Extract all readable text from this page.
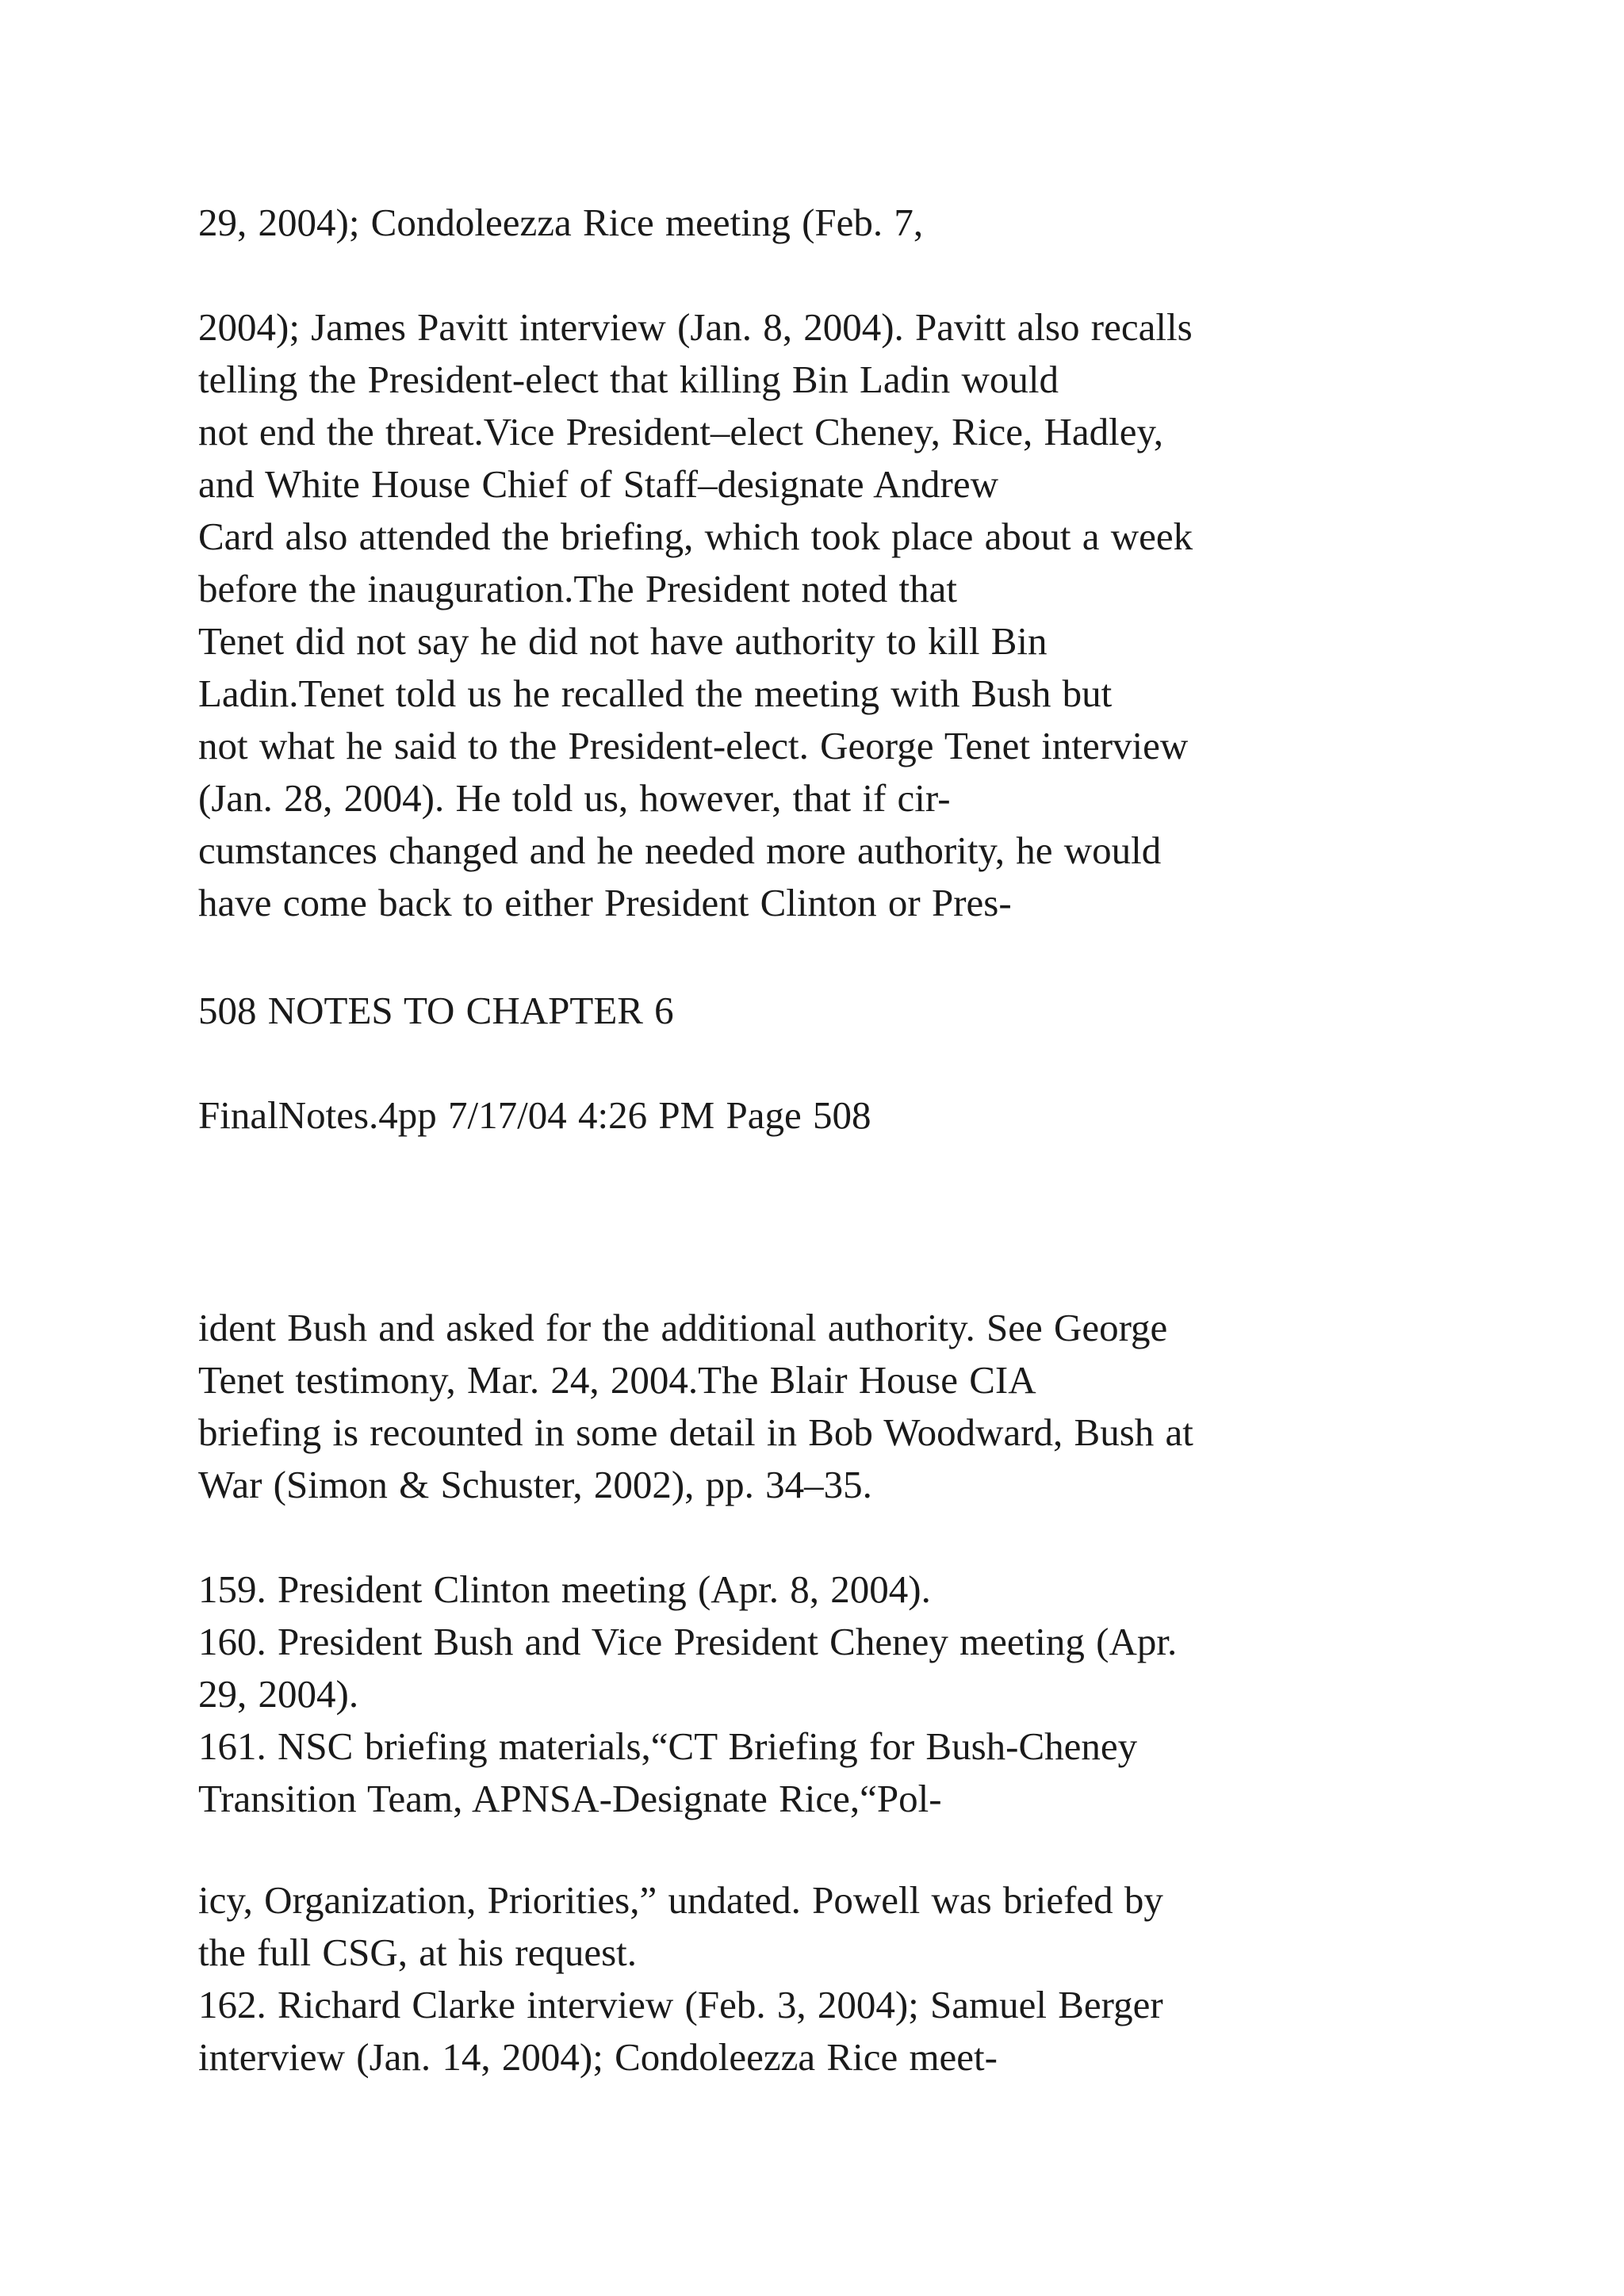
29, 2004); Condoleezza Rice meeting (Feb. 7,
2004); James Pavitt interview (Jan. 8, 2004). Pavitt also recalls
telling the President-elect that killing Bin Ladin would
not end the threat.Vice President–elect Cheney, Rice, Hadley,
and White House Chief of Staff–designate Andrew
Card also attended the briefing, which took place about a week
before the inauguration.The President noted that
Tenet did not say he did not have authority to kill Bin
Ladin.Tenet told us he recalled the meeting with Bush but
not what he said to the President-elect. George Tenet interview
(Jan. 28, 2004). He told us, however, that if cir-
cumstances changed and he needed more authority, he would
have come back to either President Clinton or Pres-
508 NOTES TO CHAPTER 6
FinalNotes.4pp 7/17/04 4:26 PM Page 508
ident Bush and asked for the additional authority. See George
Tenet testimony, Mar. 24, 2004.The Blair House CIA
briefing is recounted in some detail in Bob Woodward, Bush at
War (Simon & Schuster, 2002), pp. 34–35.
159. President Clinton meeting (Apr. 8, 2004).
160. President Bush and Vice President Cheney meeting (Apr.
29, 2004).
161. NSC briefing materials,“CT Briefing for Bush-Cheney
Transition Team, APNSA-Designate Rice,“Pol-
icy, Organization, Priorities,” undated. Powell was briefed by
the full CSG, at his request.
162. Richard Clarke interview (Feb. 3, 2004); Samuel Berger
interview (Jan. 14, 2004); Condoleezza Rice meet-
